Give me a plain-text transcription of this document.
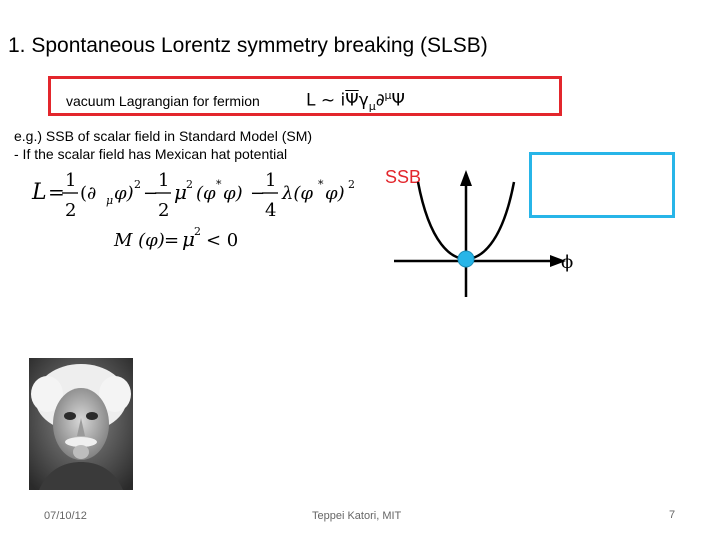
1. Spontaneous Lorentz symmetry breaking (SLSB)
vacuum Lagrangian for fermion	L ~ $i\overline{\Psi}\gamma_\mu\partial^\mu\Psi$
e.g.) SSB of scalar field in Standard Model (SM)
- If the scalar field has Mexican hat potential
L = 1
2
(∂ μ φ) 2 −
1
2
μ 2 (φ * φ) −
1
4
λ(φ * φ) 2
M (φ) = μ 2 < 0
SSB
ϕ
07/10/12	Teppei Katori, MIT	7
